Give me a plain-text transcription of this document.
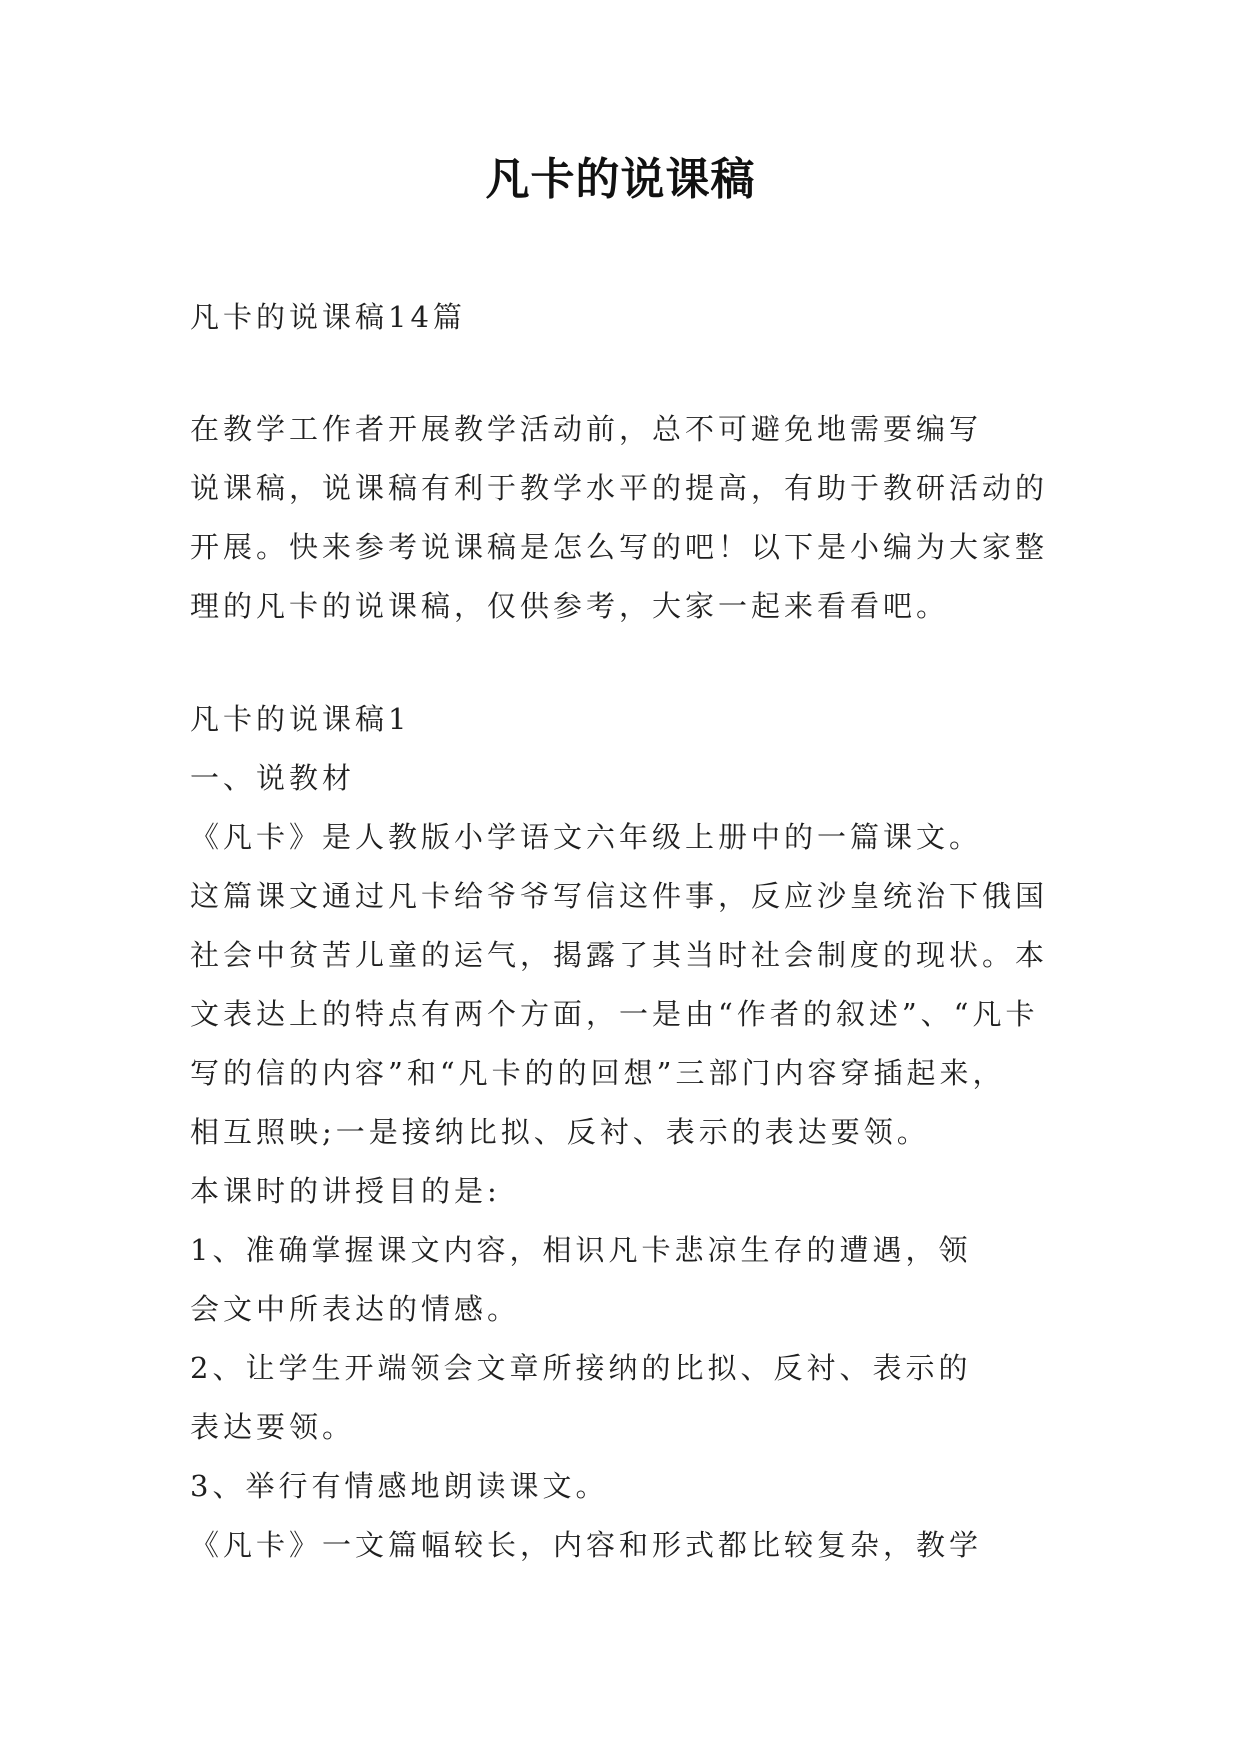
凡卡的说课稿
凡卡的说课稿14篇
在教学工作者开展教学活动前，总不可避免地需要编写
说课稿，说课稿有利于教学水平的提高，有助于教研活动的
开展。快来参考说课稿是怎么写的吧！以下是小编为大家整
理的凡卡的说课稿，仅供参考，大家一起来看看吧。
凡卡的说课稿1
一、说教材
《凡卡》是人教版小学语文六年级上册中的一篇课文。
这篇课文通过凡卡给爷爷写信这件事，反应沙皇统治下俄国
社会中贫苦儿童的运气，揭露了其当时社会制度的现状。本
文表达上的特点有两个方面，一是由“作者的叙述”、“凡卡
写的信的内容”和“凡卡的的回想”三部门内容穿插起来，
相互照映;一是接纳比拟、反衬、表示的表达要领。
本课时的讲授目的是:
1、准确掌握课文内容，相识凡卡悲凉生存的遭遇，领
会文中所表达的情感。
2、让学生开端领会文章所接纳的比拟、反衬、表示的
表达要领。
3、举行有情感地朗读课文。
《凡卡》一文篇幅较长，内容和形式都比较复杂，教学
